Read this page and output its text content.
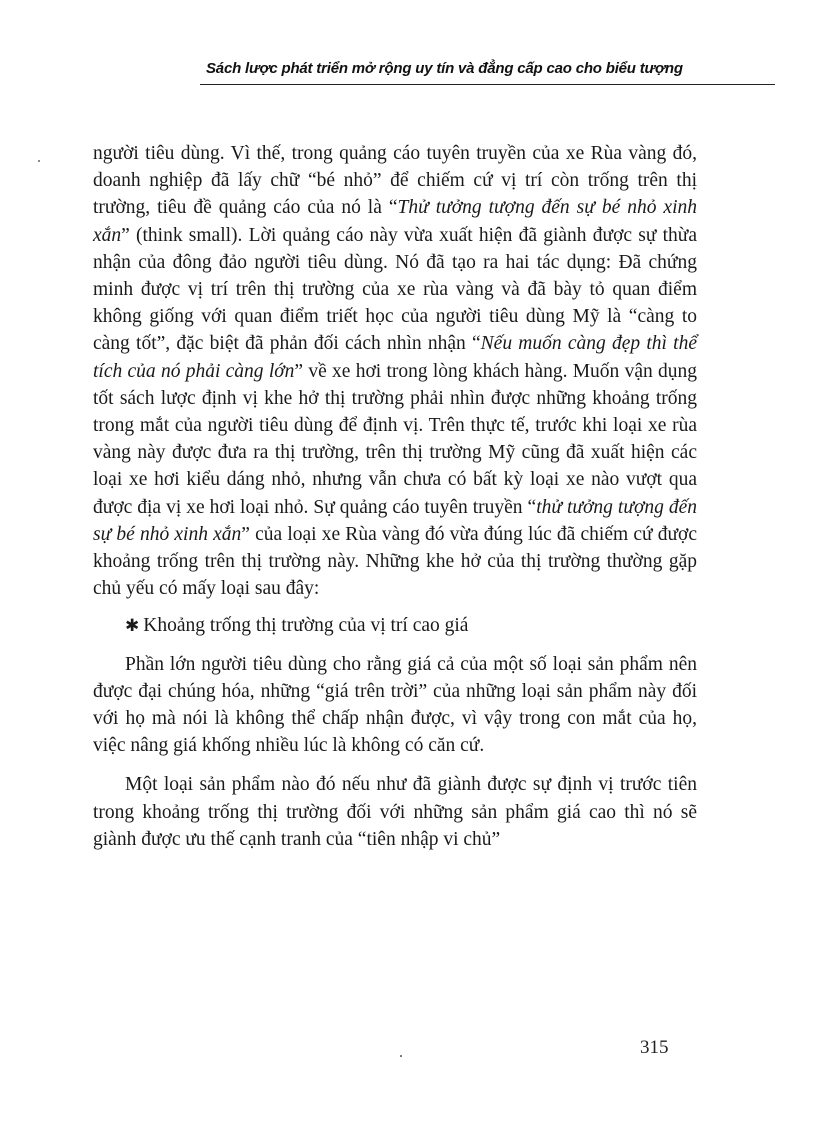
Sách lược phát triển mở rộng uy tín và đẳng cấp cao cho biểu tượng

người tiêu dùng. Vì thế, trong quảng cáo tuyên truyền của xe Rùa vàng đó, doanh nghiệp đã lấy chữ “bé nhỏ” để chiếm cứ vị trí còn trống trên thị trường, tiêu đề quảng cáo của nó là “Thử tưởng tượng đến sự bé nhỏ xinh xắn” (think small). Lời quảng cáo này vừa xuất hiện đã giành được sự thừa nhận của đông đảo người tiêu dùng. Nó đã tạo ra hai tác dụng: Đã chứng minh được vị trí trên thị trường của xe rùa vàng và đã bày tỏ quan điểm không giống với quan điểm triết học của người tiêu dùng Mỹ là “càng to càng tốt”, đặc biệt đã phản đối cách nhìn nhận “Nếu muốn càng đẹp thì thể tích của nó phải càng lớn” về xe hơi trong lòng khách hàng. Muốn vận dụng tốt sách lược định vị khe hở thị trường phải nhìn được những khoảng trống trong mắt của người tiêu dùng để định vị. Trên thực tế, trước khi loại xe rùa vàng này được đưa ra thị trường, trên thị trường Mỹ cũng đã xuất hiện các loại xe hơi kiểu dáng nhỏ, nhưng vẫn chưa có bất kỳ loại xe nào vượt qua được địa vị xe hơi loại nhỏ. Sự quảng cáo tuyên truyền “thử tưởng tượng đến sự bé nhỏ xinh xắn” của loại xe Rùa vàng đó vừa đúng lúc đã chiếm cứ được khoảng trống trên thị trường này. Những khe hở của thị trường thường gặp chủ yếu có mấy loại sau đây:

✱ Khoảng trống thị trường của vị trí cao giá

Phần lớn người tiêu dùng cho rằng giá cả của một số loại sản phẩm nên được đại chúng hóa, những “giá trên trời” của những loại sản phẩm này đối với họ mà nói là không thể chấp nhận được, vì vậy trong con mắt của họ, việc nâng giá khống nhiều lúc là không có căn cứ.

Một loại sản phẩm nào đó nếu như đã giành được sự định vị trước tiên trong khoảng trống thị trường đối với những sản phẩm giá cao thì nó sẽ giành được ưu thế cạnh tranh của “tiên nhập vi chủ”

315
